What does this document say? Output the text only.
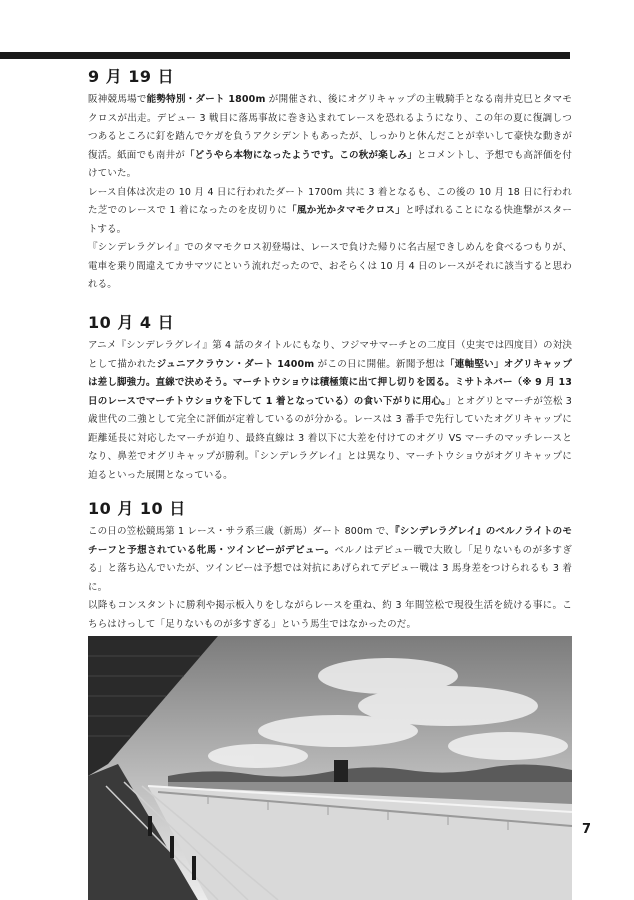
9 月 19 日

阪神競馬場で能勢特別・ダート 1800m が開催され、後にオグリキャップの主戦騎手となる南井克巳とタマモクロスが出走。デビュー 3 戦目に落馬事故に巻き込まれてレースを恐れるようになり、この年の夏に復調しつつあるところに釘を踏んでケガを負うアクシデントもあったが、しっかりと休んだことが幸いして豪快な動きが復活。紙面でも南井が「どうやら本物になったようです。この秋が楽しみ」とコメントし、予想でも高評価を付けていた。

レース自体は次走の 10 月 4 日に行われたダート 1700m 共に 3 着となるも、この後の 10 月 18 日に行われた芝でのレースで 1 着になったのを皮切りに「風か光かタマモクロス」と呼ばれることになる快進撃がスタートする。

『シンデレラグレイ』でのタマモクロス初登場は、レースで負けた帰りに名古屋できしめんを食べるつもりが、電車を乗り間違えてカサマツにという流れだったので、おそらくは 10 月 4 日のレースがそれに該当すると思われる。

10 月 4 日

アニメ『シンデレラグレイ』第 4 話のタイトルにもなり、フジマサマーチとの二度目（史実では四度目）の対決として描かれたジュニアクラウン・ダート 1400m がこの日に開催。新聞予想は「連軸堅い」オグリキャップは差し脚強力。直線で決めそう。マーチトウショウは積極策に出て押し切りを図る。ミサトネバー（※ 9 月 13 日のレースでマーチトウショウを下して 1 着となっている）の食い下がりに用心。」とオグリとマーチが笠松 3 歳世代の二強として完全に評価が定着しているのが分かる。レースは 3 番手で先行していたオグリキャップに距離延長に対応したマーチが迫り、最終直線は 3 着以下に大差を付けてのオグリ VS マーチのマッチレースとなり、鼻差でオグリキャップが勝利。『シンデレラグレイ』とは異なり、マーチトウショウがオグリキャップに迫るといった展開となっている。

10 月 10 日

この日の笠松競馬第 1 レース・サラ系三歳（新馬）ダート 800m で、『シンデレラグレイ』のベルノライトのモチーフと予想されている牝馬・ツインビーがデビュー。ベルノはデビュー戦で大敗し「足りないものが多すぎる」と落ち込んでいたが、ツインビーは予想では対抗にあげられてデビュー戦は 3 馬身差をつけられるも 3 着に。

以降もコンスタントに勝利や掲示板入りをしながらレースを重ね、約 3 年間笠松で現役生活を続ける事に。こちらはけっして「足りないものが多すぎる」という馬生ではなかったのだ。

7
